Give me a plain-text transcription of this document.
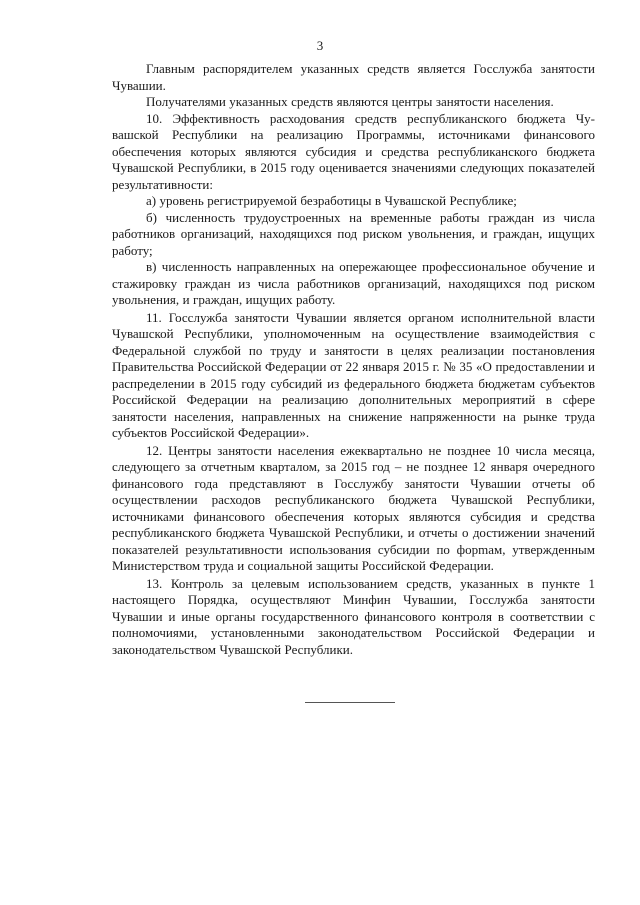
3

Главным распорядителем указанных средств является Госслужба занятости Чувашии.

Получателями указанных средств являются центры занятости населения.

10. Эффективность расходования средств республиканского бюджета Чувашской Республики на реализацию Программы, источниками финансового обеспечения которых являются субсидия и средства республиканского бюджета Чувашской Республики, в 2015 году оценивается значениями следующих показателей результативности:

а) уровень регистрируемой безработицы в Чувашской Республике;

б) численность трудоустроенных на временные работы граждан из числа работников организаций, находящихся под риском увольнения, и граждан, ищущих работу;

в) численность направленных на опережающее профессиональное обучение и стажировку граждан из числа работников организаций, находящихся под риском увольнения, и граждан, ищущих работу.

11. Госслужба занятости Чувашии является органом исполнительной власти Чувашской Республики, уполномоченным на осуществление взаимодействия с Федеральной службой по труду и занятости в целях реализации постановления Правительства Российской Федерации от 22 января 2015 г. № 35 «О предоставлении и распределении в 2015 году субсидий из федерального бюджета бюджетам субъектов Российской Федерации на реализацию дополнительных мероприятий в сфере занятости населения, направленных на снижение напряженности на рынке труда субъектов Российской Федерации».

12. Центры занятости населения ежеквартально не позднее 10 числа месяца, следующего за отчетным кварталом, за 2015 год – не позднее 12 января очередного финансового года представляют в Госслужбу занятости Чувашии отчеты об осуществлении расходов республиканского бюджета Чувашской Республики, источниками финансового обеспечения которых являются субсидия и средства республиканского бюджета Чувашской Республики, и отчеты о достижении значений показателей результативности использования субсидии по форmам, утвержденным Министерством труда и социальной защиты Российской Федерации.

13. Контроль за целевым использованием средств, указанных в пункте 1 настоящего Порядка, осуществляют Минфин Чувашии, Госслужба занятости Чувашии и иные органы государственного финансового контроля в соответствии с полномочиями, установленными законодательством Российской Федерации и законодательством Чувашской Республики.
